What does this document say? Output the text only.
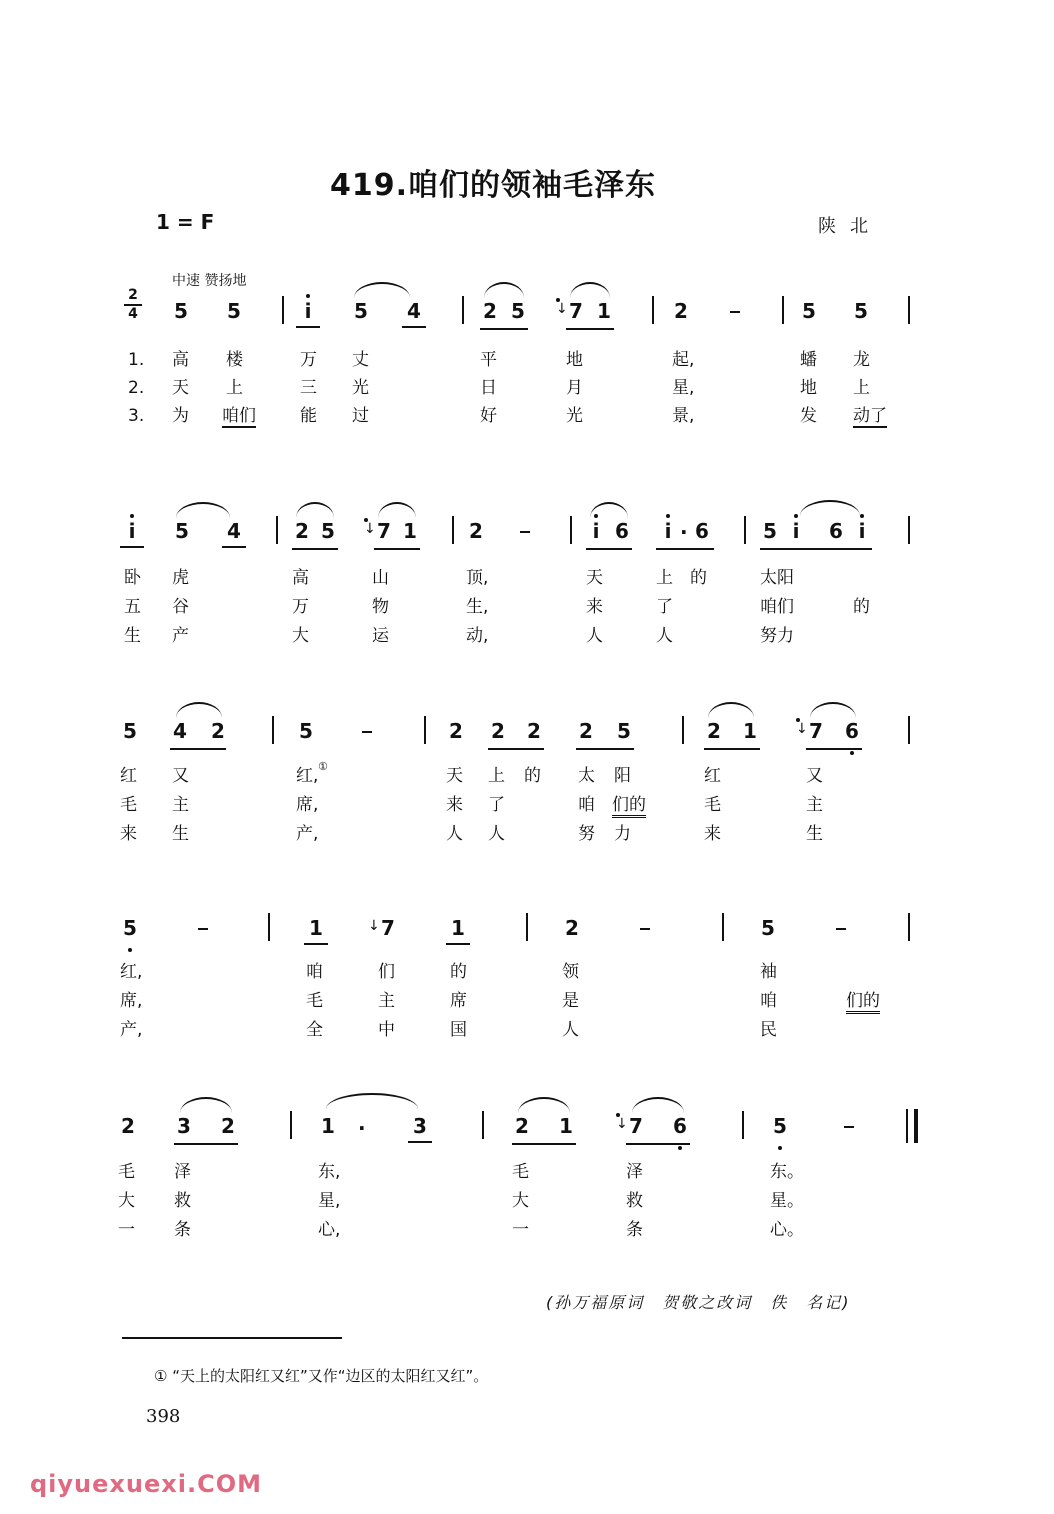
419.咱们的领袖毛泽东
1 = F	陕北
中速 赞扬地
2
4 5 5	i	5 4	2 5 ↓ 7 1	2	5 5
1. 高 楼	万 丈	平	地	起,	蟠 龙
2. 天 上	三 光	日	月	星,	地 上
3. 为 咱们	能 过	好	光	景,	发 动了
i	5 4	2 5 ↓ 7 1	2	i 6	i · 6	5 i	6 i
卧 虎	高	山	顶,	天	上 的	太阳
五 谷	万	物	生,	来	了	咱们	的
生 产	大	运	动,	人	人	努力
5 4 2	5	2 2 2 2 5	2 1	↓ 7 6
红 又	红, ①	天 上 的 太 阳	红	又
毛 主	席,	来 了	咱 们的	毛	主
来 生	产,	人 人	努 力	来	生
5	1	↓ 7	1	2	5
红,	咱	们	的	领	袖
席,	毛	主	席	是	咱	们的
产,	全	中	国	人	民
2 3 2	1 · 3	2 1	↓ 7 6	5
毛 泽	东,	毛	泽	东。
大 救	星,	大	救	星。
一 条	心,	一	条	心。
(孙万福原词　贺敬之改词　佚　名记)
① “天上的太阳红又红”又作“边区的太阳红又红”。
398
qiyuexuexi.COM
